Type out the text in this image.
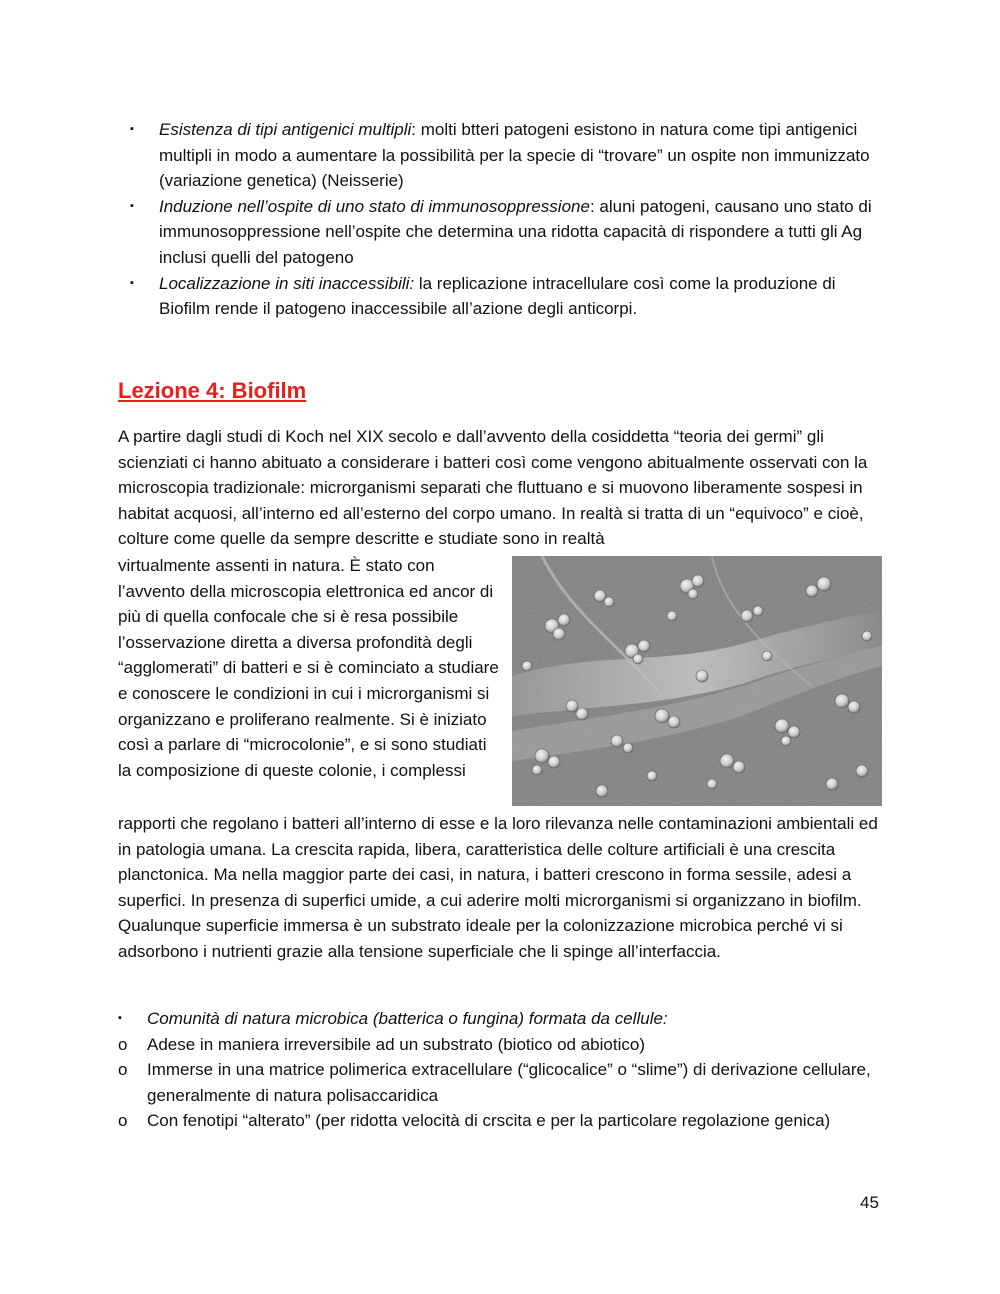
▪ Esistenza di tipi antigenici multipli: molti btteri patogeni esistono in natura come tipi antigenici multipli in modo a aumentare la possibilità per la specie di “trovare” un ospite non immunizzato (variazione genetica) (Neisserie)
▪ Induzione nell’ospite di uno stato di immunosoppressione: aluni patogeni, causano uno stato di immunosoppressione nell’ospite che determina una ridotta capacità di rispondere a tutti gli Ag inclusi quelli del patogeno
▪ Localizzazione in siti inaccessibili: la replicazione intracellulare così come la produzione di Biofilm rende il patogeno inaccessibile all’azione degli anticorpi.
Lezione 4: Biofilm

A partire dagli studi di Koch nel XIX secolo e dall’avvento della cosiddetta “teoria dei germi” gli scienziati ci hanno abituato a considerare i batteri così come vengono abitualmente osservati con la microscopia tradizionale: microrganismi separati che fluttuano e si muovono liberamente sospesi in habitat acquosi, all’interno ed all’esterno del corpo umano. In realtà si tratta di un “equivoco” e cioè, colture come quelle da sempre descritte e studiate sono in realtà

virtualmente assenti in natura. È stato con l’avvento della microscopia elettronica ed ancor di più di quella confocale che si è resa possibile l’osservazione diretta a diversa profondità degli “agglomerati” di batteri e si è cominciato a studiare e conoscere le condizioni in cui i microrganismi si organizzano e proliferano realmente. Si è iniziato così a parlare di “microcolonie”, e si sono studiati la composizione di queste colonie, i complessi

rapporti che regolano i batteri all’interno di esse e la loro rilevanza nelle contaminazioni ambientali ed in patologia umana. La crescita rapida, libera, caratteristica delle colture artificiali è una crescita planctonica. Ma nella maggior parte dei casi, in natura, i batteri crescono in forma sessile, adesi a superfici. In presenza di superfici umide, a cui aderire molti microrganismi si organizzano in biofilm. Qualunque superficie immersa è un substrato ideale per la colonizzazione microbica perché vi si adsorbono i nutrienti grazie alla tensione superficiale che li spinge all’interfaccia.

▪ Comunità di natura microbica (batterica o fungina) formata da cellule:
o Adese in maniera irreversibile ad un substrato (biotico od abiotico)
o Immerse in una matrice polimerica extracellulare (“glicocalice” o “slime”) di derivazione cellulare, generalmente di natura polisaccaridica
o Con fenotipi “alterato” (per ridotta velocità di crscita e per la particolare regolazione genica)

45
